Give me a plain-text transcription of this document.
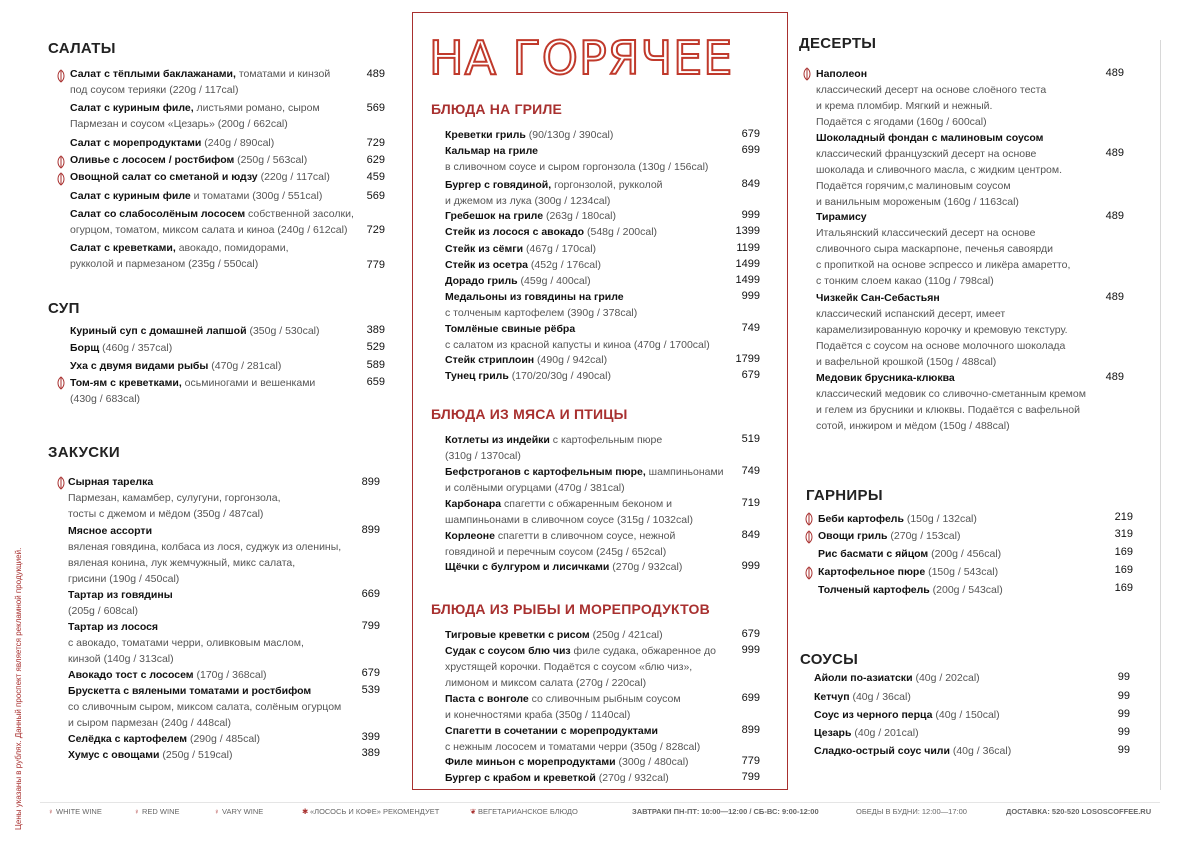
Цены указаны в рублях. Данный проспект является рекламной продукцией.
САЛАТЫ
Салат с тёплыми баклажанами, томатами и кинзой
под соусом терияки (220g / 117cal)
489
Салат с куриным филе, листьями романо, сыром
Пармезан и соусом «Цезарь» (200g / 662cal)
569
Салат с морепродуктами (240g / 890cal)	729
Оливье с лососем / ростбифом (250g / 563cal)	629
Овощной салат со сметаной и юдзу (220g / 117cal)	459
Салат с куриным филе и томатами (300g / 551cal)	569
Салат со слабосолёным лососем собственной засолки,
огурцом, томатом, миксом салата и киноа (240g / 612cal)	729
Салат с креветками, авокадо, помидорами,
рукколой и пармезаном (235g / 550cal)	779
СУП
Куриный суп с домашней лапшой (350g / 530cal)	389
Борщ (460g / 357cal)	529
Уха с двумя видами рыбы (470g / 281cal)	589
Том-ям с креветками, осьминогами и вешенками
(430g / 683cal)
659
ЗАКУСКИ
Сырная тарелка
Пармезан, камамбер, сулугуни, горгонзола,
тосты с джемом и мёдом (350g / 487cal)
899
Мясное ассорти
вяленая говядина, колбаса из лося, суджук из оленины,
вяленая конина, лук жемчужный, микс салата,
грисини (190g / 450cal)
899
Тартар из говядины
(205g / 608cal)
669
Тартар из лосося
с авокадо, томатами черри, оливковым маслом,
кинзой (140g / 313cal)
799
Авокадо тост с лососем (170g / 368cal)	679
Брускетта с вялеными томатами и ростбифом
со сливочным сыром, миксом салата, солёным огурцом
и сыром пармезан (240g / 448cal)
539
Селёдка с картофелем (290g / 485cal)	399
Хумус с овощами (250g / 519cal)	389
НА ГОРЯЧЕЕ
БЛЮДА НА ГРИЛЕ
Креветки гриль (90/130g / 390cal)	679
Кальмар на гриле
в сливочном соусе и сыром горгонзола (130g / 156cal)
699
Бургер с говядиной, горгонзолой, рукколой
и джемом из лука (300g / 1234cal)
849
Гребешок на гриле (263g / 180cal)	999
Стейк из лосося с авокадо (548g / 200cal)	1399
Стейк из сёмги (467g / 170cal)	1199
Стейк из осетра (452g / 176cal)	1499
Дорадо гриль (459g / 400cal)	1499
Медальоны из говядины на гриле
с толченым картофелем (390g / 378cal)
999
Томлёные свиные рёбра
с салатом из красной капусты и киноа (470g / 1700cal)
749
Стейк стриплоин (490g / 942cal)	1799
Тунец гриль (170/20/30g / 490cal)	679
БЛЮДА ИЗ МЯСА И ПТИЦЫ
Котлеты из индейки с картофельным пюре
(310g / 1370cal)
519
Бефстроганов с картофельным пюре, шампиньонами
и солёными огурцами (470g / 381cal)
749
Карбонара спагетти с обжаренным беконом и
шампиньонами в сливочном соусе (315g / 1032cal)
719
Корлеоне спагетти в сливочном соусе, нежной
говядиной и перечным соусом (245g / 652cal)
849
Щёчки с булгуром и лисичками (270g / 932cal)	999
БЛЮДА ИЗ РЫБЫ И МОРЕПРОДУКТОВ
Тигровые креветки с рисом (250g / 421cal)	679
Судак с соусом блю чиз филе судака, обжаренное до
хрустящей корочки. Подаётся с соусом «блю чиз»,
лимоном и миксом салата (270g / 220cal)
999
Паста с вонголе со сливочным рыбным соусом
и конечностями краба (350g / 1140cal)
699
Спагетти в сочетании с морепродуктами
с нежным лососем и томатами черри (350g / 828cal)
899
Филе миньон с морепродуктами (300g / 480cal)	779
Бургер с крабом и креветкой (270g / 932cal)	799
ДЕСЕРТЫ
Наполеон
классический десерт на основе слоёного теста
и крема пломбир. Мягкий и нежный.
Подаётся с ягодами (160g / 600cal)
489
Шоколадный фондан с малиновым соусом
классический французский десерт на основе
шоколада и сливочного масла, с жидким центром.
Подаётся горячим,с малиновым соусом
и ванильным мороженым (160g / 1163cal)
489
Тирамису
Итальянский классический десерт на основе
сливочного сыра маскарпоне, печенья савоярди
с пропиткой на основе эспрессо и ликёра амаретто,
с тонким слоем какао (110g / 798cal)
489
Чизкейк Сан-Себастьян
классический испанский десерт, имеет
карамелизированную корочку и кремовую текстуру.
Подаётся с соусом на основе молочного шоколада
и вафельной крошкой (150g / 488cal)
489
Медовик брусника-клюква
классический медовик со сливочно-сметанным кремом
и гелем из брусники и клюквы. Подаётся с вафельной
сотой, инжиром и мёдом (150g / 488cal)
489
ГАРНИРЫ
Беби картофель (150g / 132cal)	219
Овощи гриль (270g / 153cal)	319
Рис басмати с яйцом (200g / 456cal)	169
Картофельное пюре (150g / 543cal)	169
Толченый картофель (200g / 543cal)	169
СОУСЫ
Айоли по-азиатски (40g / 202cal)	99
Кетчуп (40g / 36cal)	99
Соус из черного перца (40g / 150cal)	99
Цезарь (40g / 201cal)	99
Сладко-острый соус чили (40g / 36cal)	99
♀ WHITE WINE	♀ RED WINE	♀ VARY WINE	✱ «ЛОСОСЬ И КОФЕ» РЕКОМЕНДУЕТ	❦ ВЕГЕТАРИАНСКОЕ БЛЮДО	ЗАВТРАКИ ПН-ПТ: 10:00—12:00 / СБ-ВС: 9:00-12:00	ОБЕДЫ В БУДНИ: 12:00—17:00	ДОСТАВКА: 520-520 LOSOSCOFFEE.RU
